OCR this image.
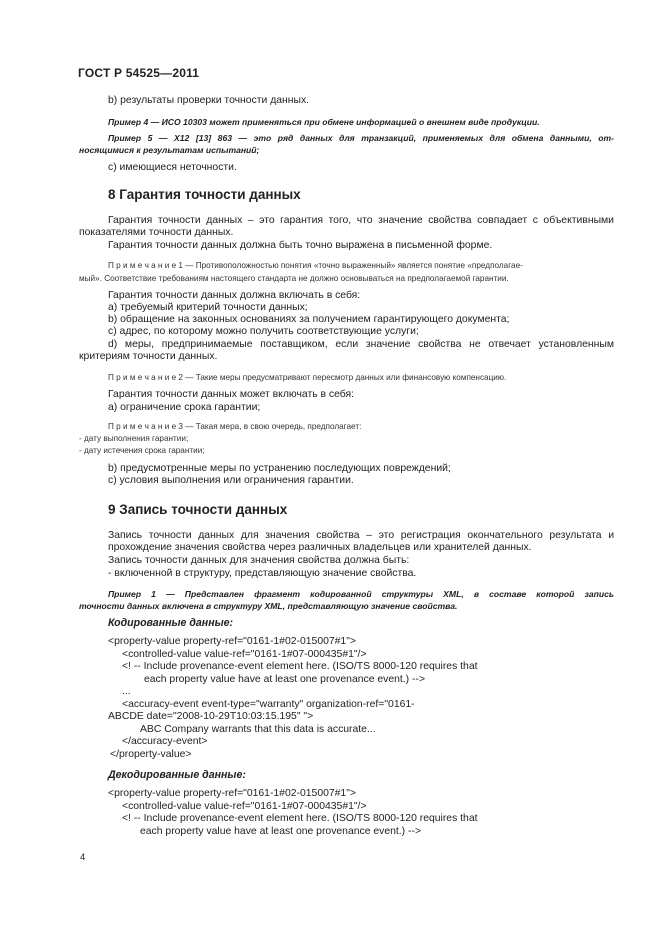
ГОСТ Р 54525—2011
b) результаты проверки точности данных.
Пример 4 — ИСО 10303 может применяться при обмене информацией о внешнем виде продукции.
Пример 5 — X12 [13] 863 — это ряд данных для транзакций, применяемых для обмена данными, от-
носящимися к результатам испытаний;
с) имеющиеся неточности.
8 Гарантия точности данных
Гарантия точности данных – это гарантия того, что значение свойства совпадает с объективными
показателями точности данных.
Гарантия точности данных должна быть точно выражена в письменной форме.
П р и м е ч а н и е 1 — Противоположностью понятия «точно выраженный» является понятие «предполагае-
мый». Соответствие требованиям настоящего стандарта не должно основываться на предполагаемой гарантии.
Гарантия точности данных должна включать в себя:
а) требуемый критерий точности данных;
b) обращение на законных основаниях за получением гарантирующего документа;
с) адрес, по которому можно получить соответствующие услуги;
d) меры, предпринимаемые поставщиком, если значение свойства не отвечает установленным
критериям точности данных.
П р и м е ч а н и е 2 — Такие меры предусматривают пересмотр данных или финансовую компенсацию.
Гарантия точности данных может включать в себя:
а) ограничение срока гарантии;
П р и м е ч а н и е 3 — Такая мера, в свою очередь, предполагает:
- дату выполнения гарантии;
- дату истечения срока гарантии;
b) предусмотренные меры по устранению последующих повреждений;
с) условия выполнения или ограничения гарантии.
9 Запись точности данных
Запись точности данных для значения свойства – это регистрация окончательного результата и
прохождение значения свойства через различных владельцев или хранителей данных.
Запись точности данных для значения свойства должна быть:
- включенной в структуру, представляющую значение свойства.
Пример 1 — Представлен фрагмент кодированной структуры XML, в составе которой запись
точности данных включена в структуру XML, представляющую значение свойства.
Кодированные данные:
<property-value property-ref="0161-1#02-015007#1">
<controlled-value value-ref="0161-1#07-000435#1"/>
<! -- Include provenance-event element here. (ISO/TS 8000-120 requires that
each property value have at least one provenance event.) -->
...
<accuracy-event event-type="warranty" organization-ref="0161-
ABCDE date="2008-10-29T10:03:15.195" ">
ABC Company warrants that this data is accurate...
</accuracy-event>
</property-value>
Декодированные данные:
<property-value property-ref="0161-1#02-015007#1">
<controlled-value value-ref="0161-1#07-000435#1"/>
<! -- Include provenance-event element here. (ISO/TS 8000-120 requires that
each property value have at least one provenance event.) -->
4
